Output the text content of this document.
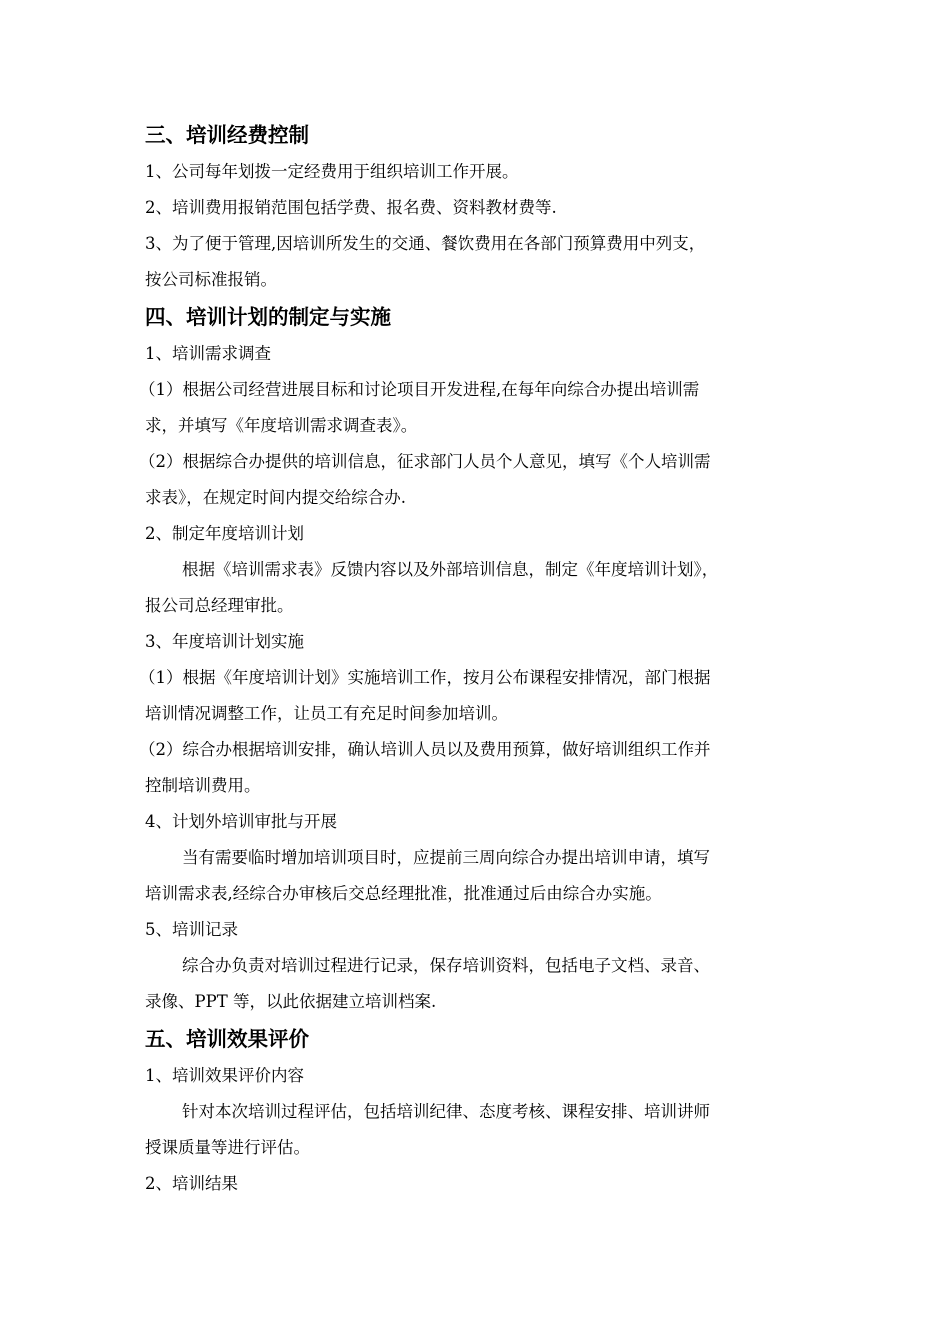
三、培训经费控制
1、公司每年划拨一定经费用于组织培训工作开展。
2、培训费用报销范围包括学费、报名费、资料教材费等.
3、为了便于管理,因培训所发生的交通、餐饮费用在各部门预算费用中列支，
按公司标准报销。
四、培训计划的制定与实施
1、培训需求调查
（1）根据公司经营进展目标和讨论项目开发进程,在每年向综合办提出培训需
求，并填写《年度培训需求调查表》。
（2）根据综合办提供的培训信息，征求部门人员个人意见，填写《个人培训需
求表》，在规定时间内提交给综合办.
2、制定年度培训计划
根据《培训需求表》反馈内容以及外部培训信息，制定《年度培训计划》，
报公司总经理审批。
3、年度培训计划实施
（1）根据《年度培训计划》实施培训工作，按月公布课程安排情况，部门根据
培训情况调整工作，让员工有充足时间参加培训。
（2）综合办根据培训安排，确认培训人员以及费用预算，做好培训组织工作并
控制培训费用。
4、计划外培训审批与开展
当有需要临时增加培训项目时，应提前三周向综合办提出培训申请，填写
培训需求表,经综合办审核后交总经理批准，批准通过后由综合办实施。
5、培训记录
综合办负责对培训过程进行记录，保存培训资料，包括电子文档、录音、
录像、PPT 等，以此依据建立培训档案.
五、培训效果评价
1、培训效果评价内容
针对本次培训过程评估，包括培训纪律、态度考核、课程安排、培训讲师
授课质量等进行评估。
2、培训结果
